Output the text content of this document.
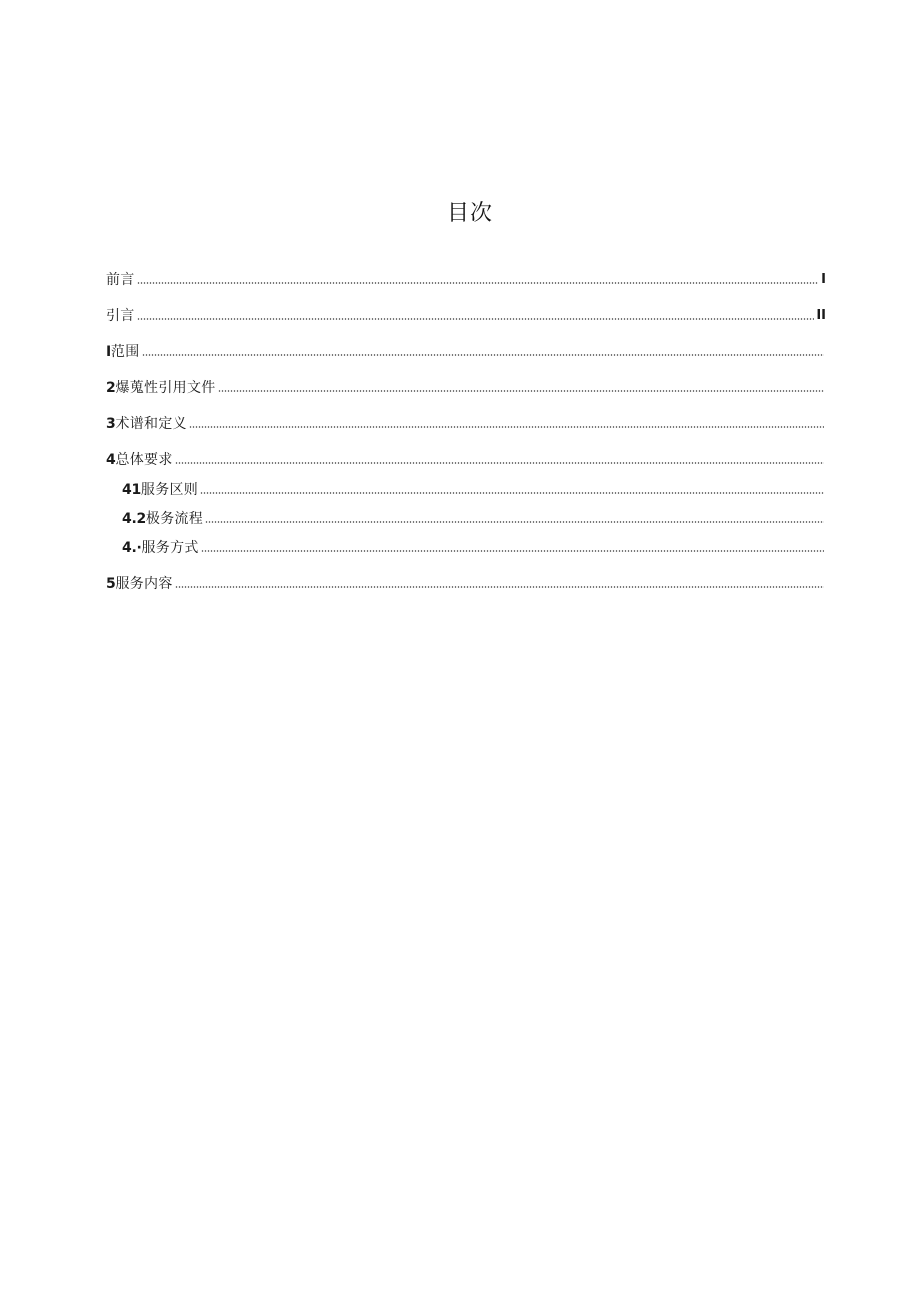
目次
前言	I
引言	II
I 范围
2 爆蒐性引用文件
3 术谱和定义
4 总体要求
41 服务区则
4.2 极务流程
4.· 服务方式
5 服务内容
